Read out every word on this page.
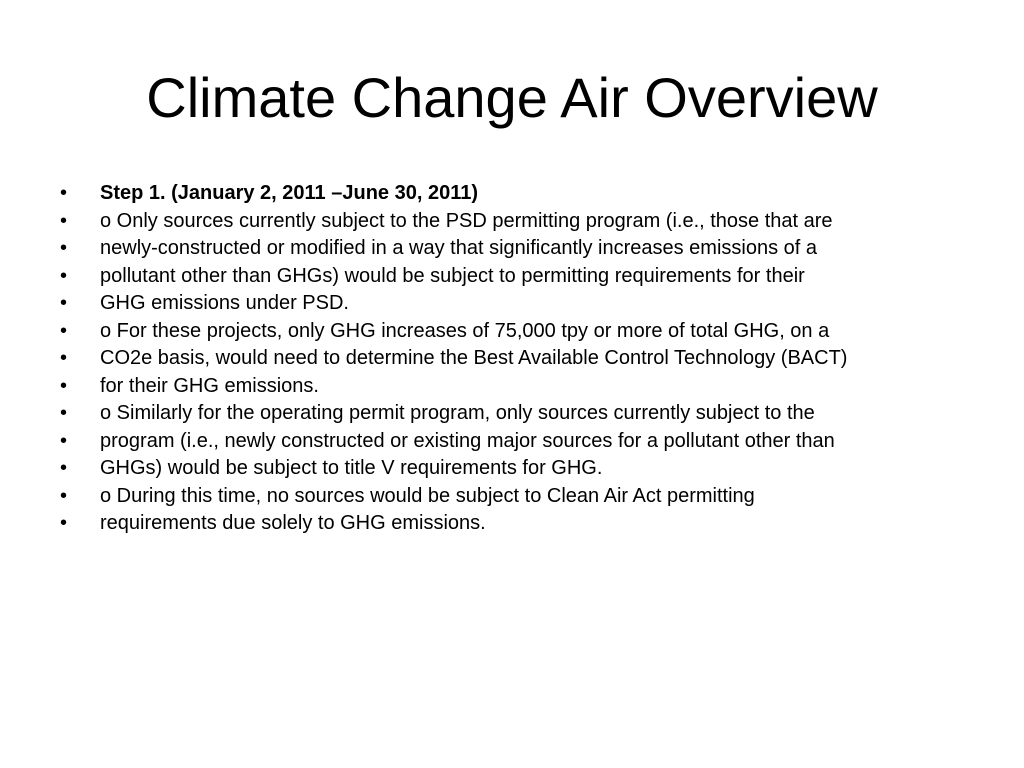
Climate Change Air Overview
•	Step 1. (January 2, 2011 –June 30, 2011)
•	o Only sources currently subject to the PSD permitting program (i.e., those that are
•	newly-constructed or modified in a way that significantly increases emissions of a
•	pollutant other than GHGs) would be subject to permitting requirements for their
•	GHG emissions under PSD.
•	o For these projects, only GHG increases of 75,000 tpy or more of total GHG, on a
•	CO2e basis, would need to determine the Best Available Control Technology (BACT)
•	for their GHG emissions.
•	o Similarly for the operating permit program, only sources currently subject to the
•	program (i.e., newly constructed or existing major sources for a pollutant other than
•	GHGs) would be subject to title V requirements for GHG.
•	o During this time, no sources would be subject to Clean Air Act permitting
•	requirements due solely to GHG emissions.
